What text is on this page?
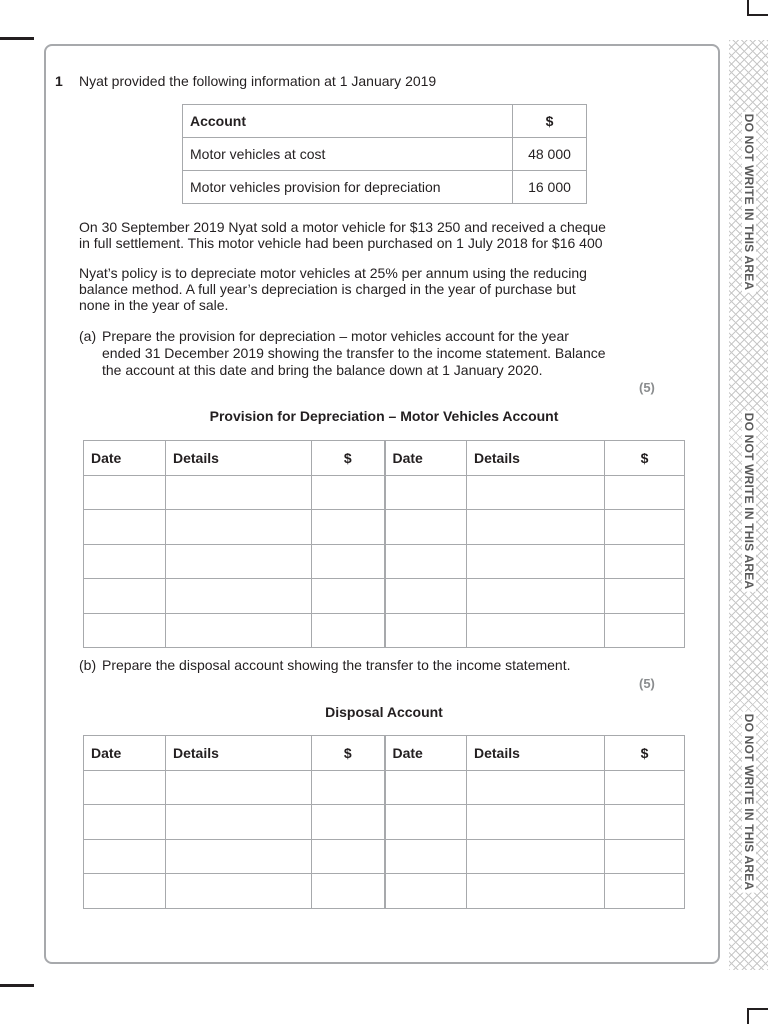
DO NOT WRITE IN THIS AREA
DO NOT WRITE IN THIS AREA
DO NOT WRITE IN THIS AREA
1 Nyat provided the following information at 1 January 2019
Account	$
Motor vehicles at cost	48 000
Motor vehicles provision for depreciation	16 000
On 30 September 2019 Nyat sold a motor vehicle for $13 250 and received a cheque
in full settlement. This motor vehicle had been purchased on 1 July 2018 for $16 400
Nyat’s policy is to depreciate motor vehicles at 25% per annum using the reducing
balance method. A full year’s depreciation is charged in the year of purchase but
none in the year of sale.
(a) Prepare the provision for depreciation – motor vehicles account for the year
ended 31 December 2019 showing the transfer to the income statement. Balance
the account at this date and bring the balance down at 1 January 2020.
(5)
Provision for Depreciation – Motor Vehicles Account
Date	Details	$	Date	Details	$

(b) Prepare the disposal account showing the transfer to the income statement.
(5)
Disposal Account
Date	Details	$	Date	Details	$
